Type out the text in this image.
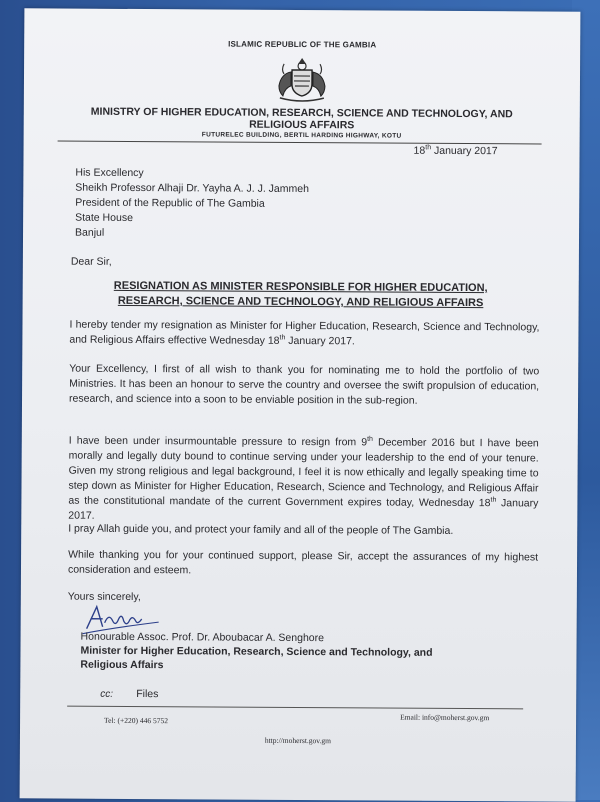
ISLAMIC REPUBLIC OF THE GAMBIA
MINISTRY OF HIGHER EDUCATION, RESEARCH, SCIENCE AND TECHNOLOGY, AND
RELIGIOUS AFFAIRS
FUTURELEC BUILDING, BERTIL HARDING HIGHWAY, KOTU
18th January 2017
His Excellency
Sheikh Professor Alhaji Dr. Yayha A. J. J. Jammeh
President of the Republic of The Gambia
State House
Banjul
Dear Sir,
RESIGNATION AS MINISTER RESPONSIBLE FOR HIGHER EDUCATION,
RESEARCH, SCIENCE AND TECHNOLOGY, AND RELIGIOUS AFFAIRS
I hereby tender my resignation as Minister for Higher Education, Research, Science and Technology, and Religious Affairs effective Wednesday 18th January 2017.
Your Excellency, I first of all wish to thank you for nominating me to hold the portfolio of two Ministries. It has been an honour to serve the country and oversee the swift propulsion of education, research, and science into a soon to be enviable position in the sub-region.
I have been under insurmountable pressure to resign from 9th December 2016 but I have been morally and legally duty bound to continue serving under your leadership to the end of your tenure. Given my strong religious and legal background, I feel it is now ethically and legally speaking time to step down as Minister for Higher Education, Research, Science and Technology, and Religious Affair as the constitutional mandate of the current Government expires today, Wednesday 18th January 2017.
I pray Allah guide you, and protect your family and all of the people of The Gambia.
While thanking you for your continued support, please Sir, accept the assurances of my highest consideration and esteem.
Yours sincerely,
Honourable Assoc. Prof. Dr. Aboubacar A. Senghore
Minister for Higher Education, Research, Science and Technology, and
Religious Affairs
cc: Files
Tel: (+220) 446 5752	Email: info@moherst.gov.gm
http://moherst.gov.gm
